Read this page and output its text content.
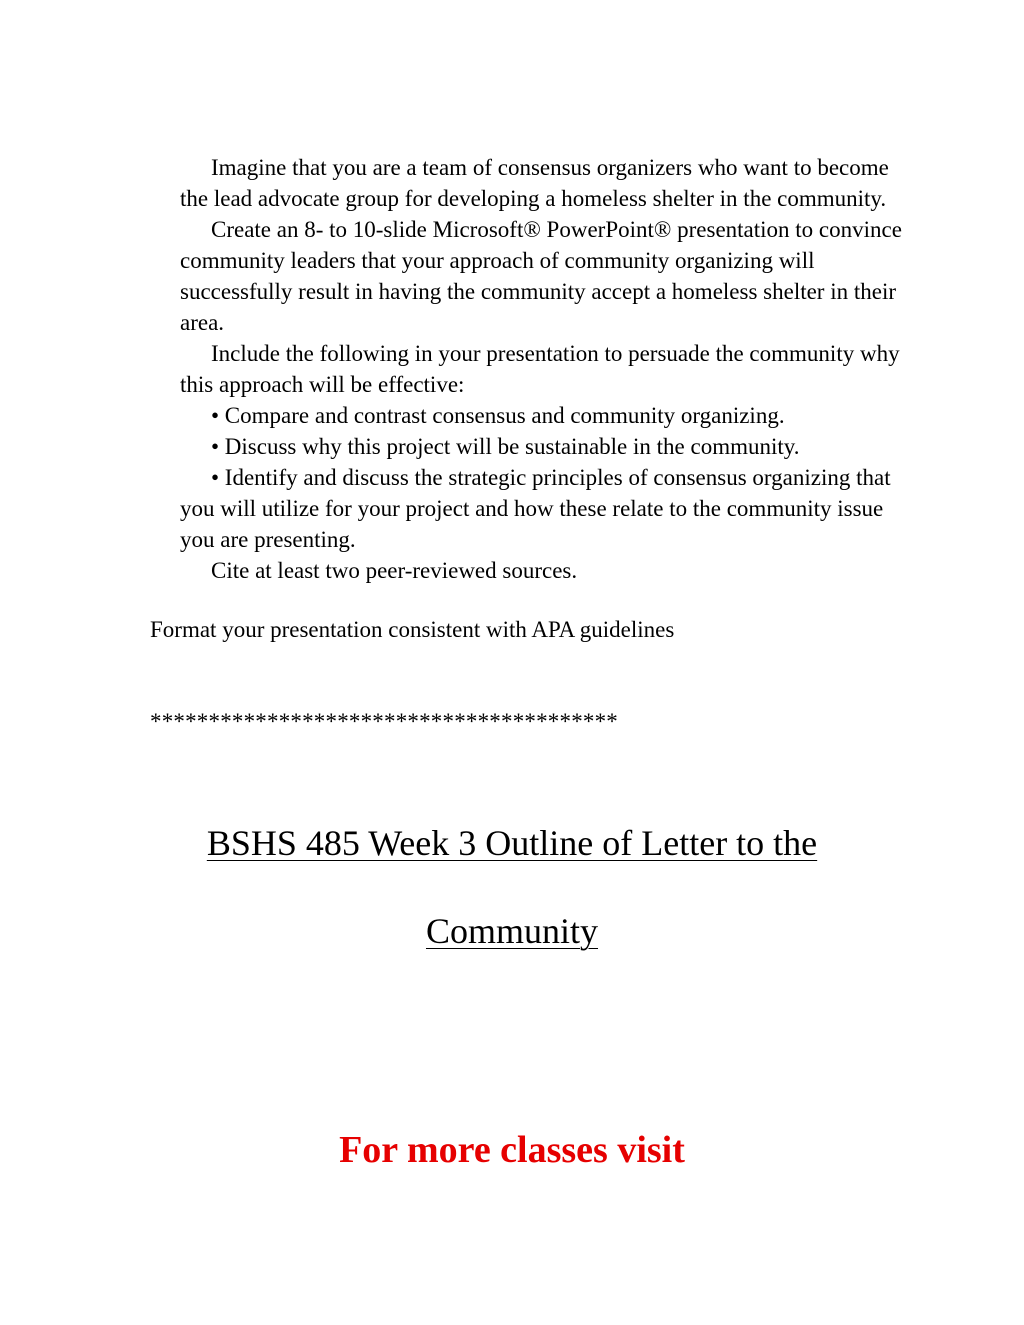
Imagine that you are a team of consensus organizers who want to become the lead advocate group for developing a homeless shelter in the community.

Create an 8- to 10-slide Microsoft® PowerPoint® presentation to convince community leaders that your approach of community organizing will successfully result in having the community accept a homeless shelter in their area.

Include the following in your presentation to persuade the community why this approach will be effective:

• Compare and contrast consensus and community organizing.

• Discuss why this project will be sustainable in the community.

• Identify and discuss the strategic principles of consensus organizing that you will utilize for your project and how these relate to the community issue you are presenting.

Cite at least two peer-reviewed sources.

Format your presentation consistent with APA guidelines

****************************************

BSHS 485 Week 3 Outline of Letter to the

Community

For more classes visit
